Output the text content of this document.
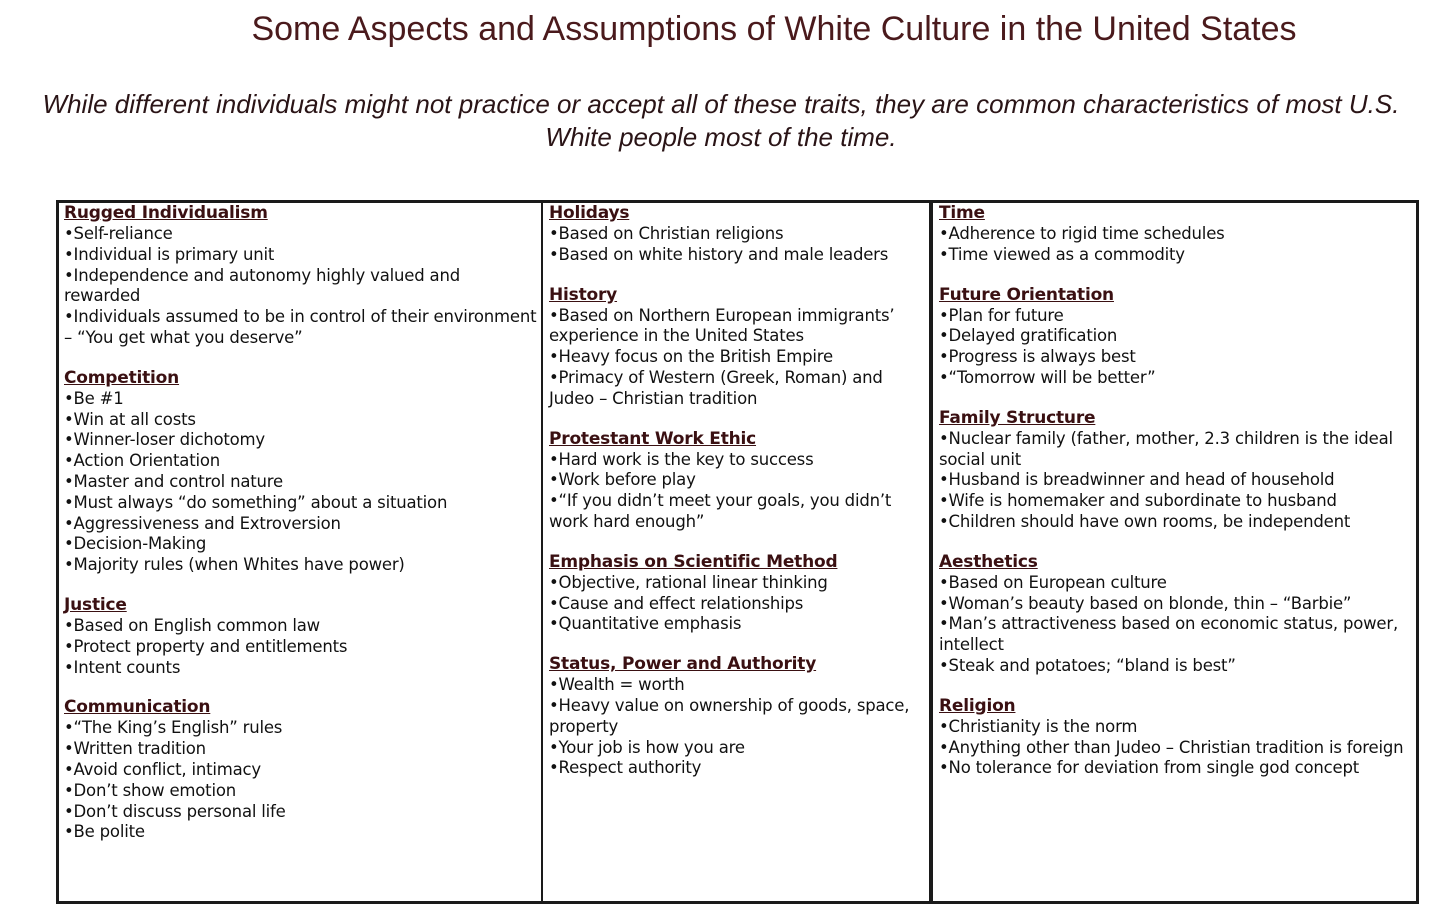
Some Aspects and Assumptions of White Culture in the United States

While different individuals might not practice or accept all of these traits, they are common characteristics of most U.S. White people most of the time.

Rugged Individualism
• Self-reliance
• Individual is primary unit
• Independence and autonomy highly valued and rewarded
• Individuals assumed to be in control of their environment – “You get what you deserve”
Competition
• Be #1
• Win at all costs
• Winner-loser dichotomy
• Action Orientation
• Master and control nature
• Must always “do something” about a situation
• Aggressiveness and Extroversion
• Decision-Making
• Majority rules (when Whites have power)
Justice
• Based on English common law
• Protect property and entitlements
• Intent counts
Communication
• “The King’s English” rules
• Written tradition
• Avoid conflict, intimacy
• Don’t show emotion
• Don’t discuss personal life
• Be polite
Holidays
• Based on Christian religions
• Based on white history and male leaders
History
• Based on Northern European immigrants’ experience in the United States
• Heavy focus on the British Empire
• Primacy of Western (Greek, Roman) and Judeo – Christian tradition
Protestant Work Ethic
• Hard work is the key to success
• Work before play
• “If you didn’t meet your goals, you didn’t work hard enough”
Emphasis on Scientific Method
• Objective, rational linear thinking
• Cause and effect relationships
• Quantitative emphasis
Status, Power and Authority
• Wealth = worth
• Heavy value on ownership of goods, space, property
• Your job is how you are
• Respect authority
Time
• Adherence to rigid time schedules
• Time viewed as a commodity
Future Orientation
• Plan for future
• Delayed gratification
• Progress is always best
• “Tomorrow will be better”
Family Structure
• Nuclear family (father, mother, 2.3 children is the ideal social unit
• Husband is breadwinner and head of household
• Wife is homemaker and subordinate to husband
• Children should have own rooms, be independent
Aesthetics
• Based on European culture
• Woman’s beauty based on blonde, thin – “Barbie”
• Man’s attractiveness based on economic status, power, intellect
• Steak and potatoes; “bland is best”
Religion
• Christianity is the norm
• Anything other than Judeo – Christian tradition is foreign
• No tolerance for deviation from single god concept
